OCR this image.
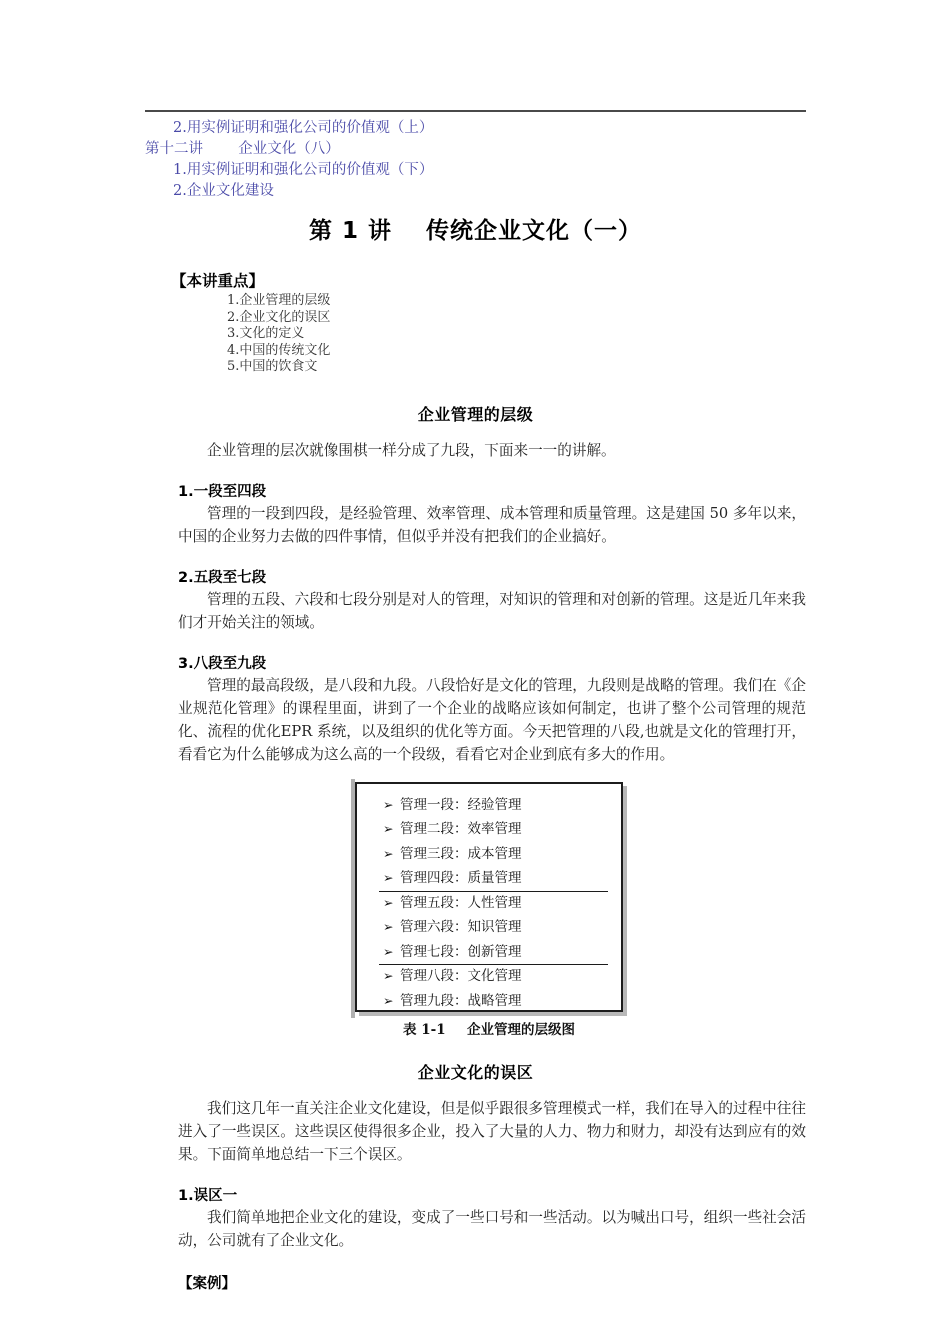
2.用实例证明和强化公司的价值观（上）
第十二讲 企业文化（八）
1.用实例证明和强化公司的价值观（下）
2.企业文化建设
第 1 讲 传统企业文化（一）
【本讲重点】
1.企业管理的层级
2.企业文化的误区
3.文化的定义
4.中国的传统文化
5.中国的饮食文
企业管理的层级

企业管理的层次就像围棋一样分成了九段，下面来一一的讲解。

1.一段至四段

管理的一段到四段，是经验管理、效率管理、成本管理和质量管理。这是建国 50 多年以来，中国的企业努力去做的四件事情，但似乎并没有把我们的企业搞好。

2.五段至七段

管理的五段、六段和七段分别是对人的管理，对知识的管理和对创新的管理。这是近几年来我们才开始关注的领域。

3.八段至九段

管理的最高段级，是八段和九段。八段恰好是文化的管理，九段则是战略的管理。我们在《企业规范化管理》的课程里面，讲到了一个企业的战略应该如何制定，也讲了整个公司管理的规范化、流程的优化EPR 系统，以及组织的优化等方面。今天把管理的八段,也就是文化的管理打开，看看它为什么能够成为这么高的一个段级，看看它对企业到底有多大的作用。

➢ 管理一段：经验管理
➢ 管理二段：效率管理
➢ 管理三段：成本管理
➢ 管理四段：质量管理
➢ 管理五段：人性管理
➢ 管理六段：知识管理
➢ 管理七段：创新管理
➢ 管理八段：文化管理
➢ 管理九段：战略管理
表 1-1 企业管理的层级图
企业文化的误区

我们这几年一直关注企业文化建设，但是似乎跟很多管理模式一样，我们在导入的过程中往往进入了一些误区。这些误区使得很多企业，投入了大量的人力、物力和财力，却没有达到应有的效果。下面简单地总结一下三个误区。

1.误区一

我们简单地把企业文化的建设，变成了一些口号和一些活动。以为喊出口号，组织一些社会活动，公司就有了企业文化。

【案例】
